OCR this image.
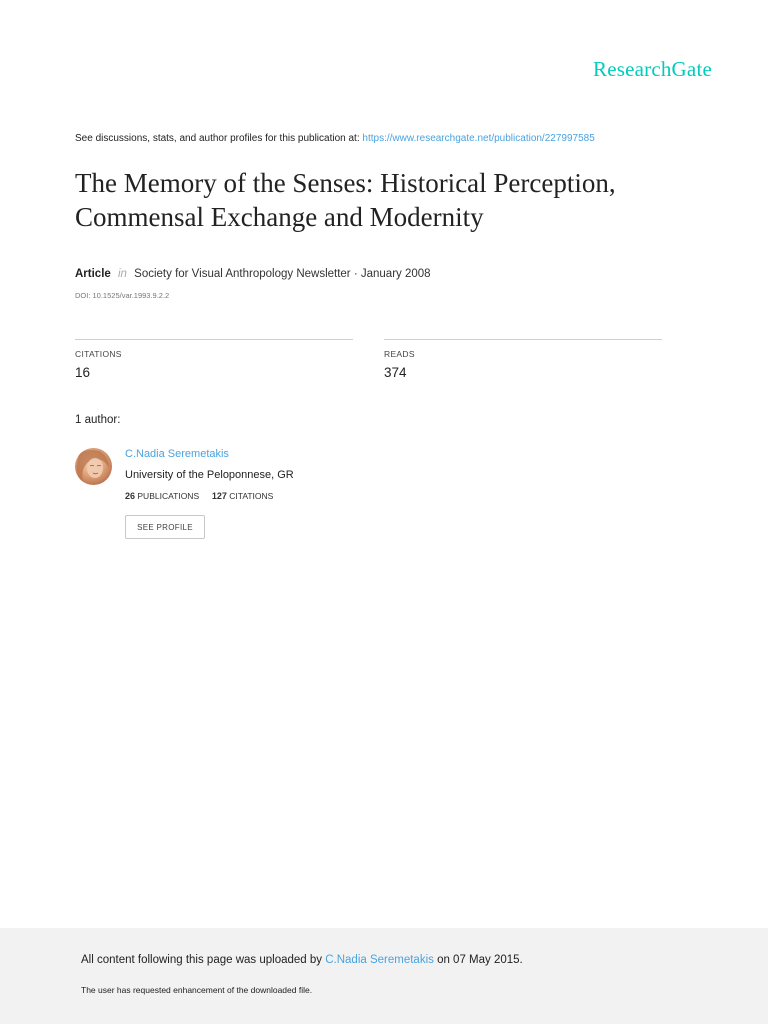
ResearchGate
See discussions, stats, and author profiles for this publication at: https://www.researchgate.net/publication/227997585
The Memory of the Senses: Historical Perception,
Commensal Exchange and Modernity
Article in Society for Visual Anthropology Newsletter · January 2008
DOI: 10.1525/var.1993.9.2.2
CITATIONS
16
READS
374
1 author:
C.Nadia Seremetakis
University of the Peloponnese, GR
26 PUBLICATIONS 127 CITATIONS
SEE PROFILE
All content following this page was uploaded by C.Nadia Seremetakis on 07 May 2015.
The user has requested enhancement of the downloaded file.
